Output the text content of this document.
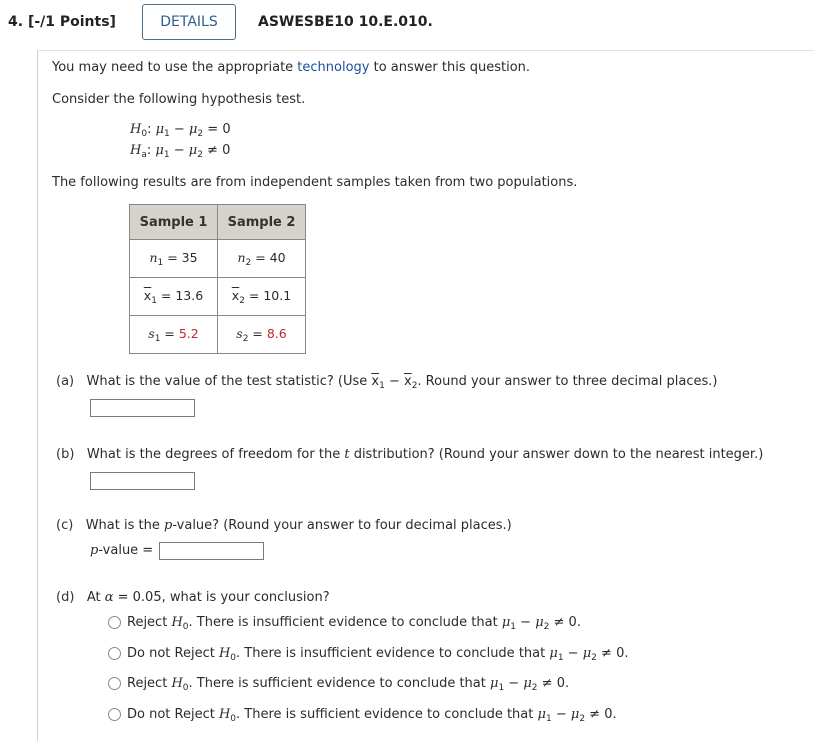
4. [-/1 Points]	DETAILS	ASWESBE10 10.E.010.
You may need to use the appropriate technology to answer this question.
Consider the following hypothesis test.
$H_0$: $\mu_1 - \mu_2 = 0$
$H_a$: $\mu_1 - \mu_2 \ne 0$
The following results are from independent samples taken from two populations.
Sample 1	Sample 2
$n_1 = 35$	$n_2 = 40$
$\overline{x}_1 = 13.6$	$\overline{x}_2 = 10.1$
$s_1 = 5.2$	$s_2 = 8.6$
(a) What is the value of the test statistic? (Use $\overline{x}_1 - \overline{x}_2$. Round your answer to three decimal places.)
(b) What is the degrees of freedom for the t distribution? (Round your answer down to the nearest integer.)
(c) What is the p-value? (Round your answer to four decimal places.)
p-value =
(d) At α = 0.05, what is your conclusion?
Reject $H_0$. There is insufficient evidence to conclude that $\mu_1 - \mu_2 \ne 0$.
Do not Reject $H_0$. There is insufficient evidence to conclude that $\mu_1 - \mu_2 \ne 0$.
Reject $H_0$. There is sufficient evidence to conclude that $\mu_1 - \mu_2 \ne 0$.
Do not Reject $H_0$. There is sufficient evidence to conclude that $\mu_1 - \mu_2 \ne 0$.
